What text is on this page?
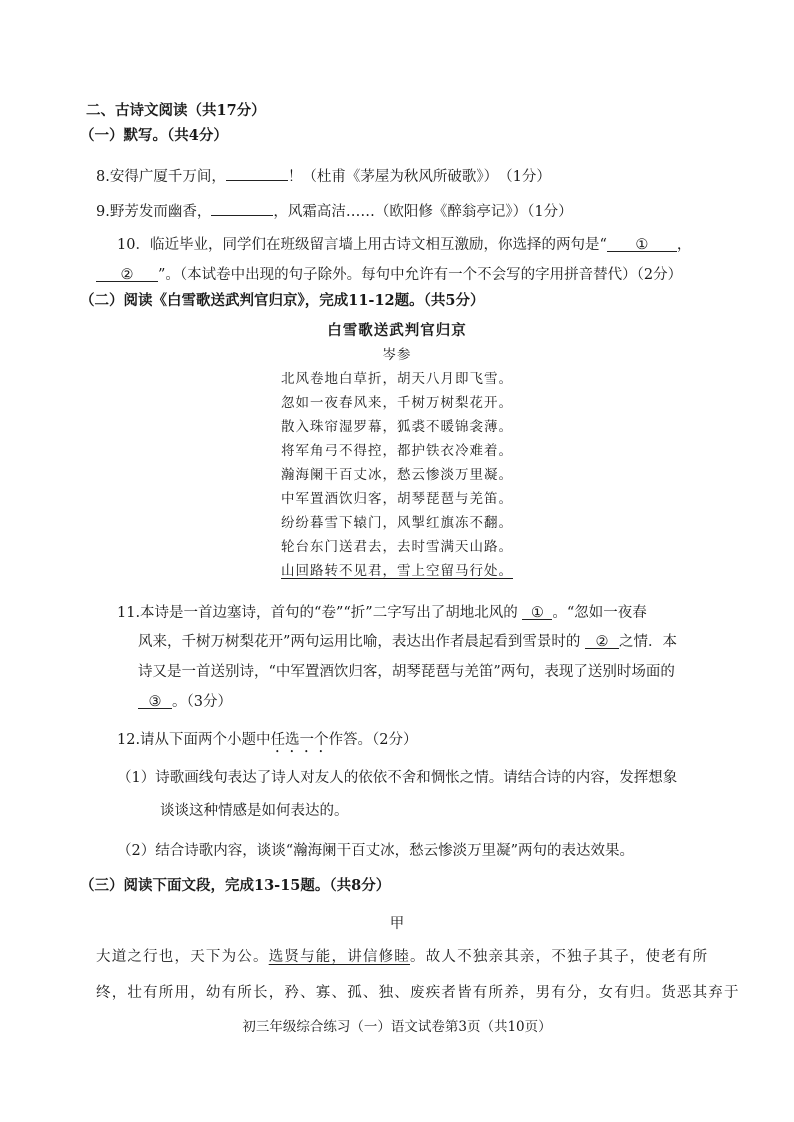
二、古诗文阅读（共17分）
（一）默写。（共4分）
8.安得广厦千万间，	！（杜甫《茅屋为秋风所破歌》）　（1分）
9.野芳发而幽香，	，风霜高洁……（欧阳修《醉翁亭记》）（1分）
10．临近毕业，同学们在班级留言墙上用古诗文相互激励，你选择的两句是“ ① ，
② ”。（本试卷中出现的句子除外。每句中允许有一个不会写的字用拼音替代）（2分）
（二）阅读《白雪歌送武判官归京》，完成11-12题。（共5分）
白雪歌送武判官归京
岑参
北风卷地白草折，胡天八月即飞雪。
忽如一夜春风来，千树万树梨花开。
散入珠帘湿罗幕，狐裘不暖锦衾薄。
将军角弓不得控，都护铁衣冷难着。
瀚海阑干百丈冰，愁云惨淡万里凝。
中军置酒饮归客，胡琴琵琶与羌笛。
纷纷暮雪下辕门，风掣红旗冻不翻。
轮台东门送君去，去时雪满天山路。
山回路转不见君，雪上空留马行处。
11.本诗是一首边塞诗，首句的“卷”“折”二字写出了胡地北风的 ① 。“忽如一夜春
风来，千树万树梨花开”两句运用比喻，表达出作者晨起看到雪景时的 ② 之情．本
诗又是一首送别诗，“中军置酒饮归客，胡琴琵琶与羌笛”两句，表现了送别时场面的
③ 。（3分）
12.请从下面两个小题中任选一个作答。（2分）
（1）诗歌画线句表达了诗人对友人的依依不舍和惆怅之情。请结合诗的内容，发挥想象
谈谈这种情感是如何表达的。
（2）结合诗歌内容，谈谈“瀚海阑干百丈冰，愁云惨淡万里凝”两句的表达效果。
（三）阅读下面文段，完成13-15题。（共8分）
甲
大道之行也，天下为公。选贤与能，讲信修睦。故人不独亲其亲，不独子其子，使老有所
终，壮有所用，幼有所长，矜、寡、孤、独、废疾者皆有所养，男有分，女有归。货恶其弃于
初三年级综合练习（一）语文试卷第3页（共10页）
